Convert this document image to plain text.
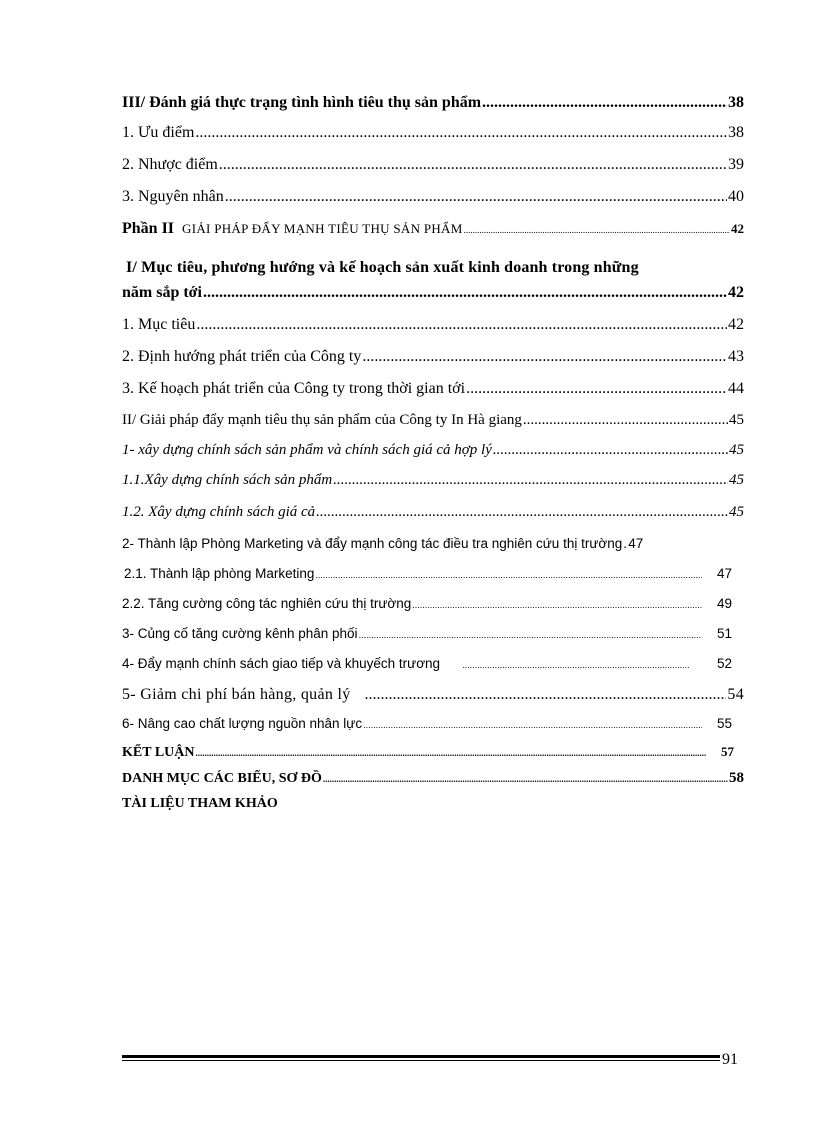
III/ Đánh giá thực trạng tình hình tiêu thụ sản phẩm .....	38
1. Ưu điểm .....	38
2. Nhược điểm .....	39
3. Nguyên nhân .....	40
Phần II GIẢI PHÁP ĐẨY MẠNH TIÊU THỤ SẢN PHẨM .....	42
I/ Mục tiêu, phương hướng và kế hoạch sản xuất kinh doanh trong những
năm sắp tới .....	42
1. Mục tiêu .....	42
2. Định hướng phát triển của Công ty .....	43
3. Kế hoạch phát triển của Công ty trong thời gian tới .....	44
II/ Giải pháp đẩy mạnh tiêu thụ sản phẩm của Công ty In Hà giang .....	45
1- xây dựng chính sách sản phẩm và chính sách giá cả hợp lý .....	45
1.1.Xây dựng chính sách sản phẩm .....	45
1.2. Xây dựng chính sách giá cả .....	45
2- Thành lập Phòng Marketing và đẩy mạnh công tác điều tra nghiên cứu thị trường ..... 47
2.1. Thành lập phòng Marketing .....	47
2.2. Tăng cường công tác nghiên cứu thị trường .....	49
3- Củng cố tăng cường kênh phân phối .....	51
4- Đẩy mạnh chính sách giao tiếp và khuyếch trương .....	52
5- Giảm chi phí bán hàng, quản lý .....	54
6- Nâng cao chất lượng nguồn nhân lực .....	55
KẾT LUẬN .....	57
DANH MỤC CÁC BIỂU, SƠ ĐỒ .....	58
TÀI LIỆU THAM KHẢO
91
